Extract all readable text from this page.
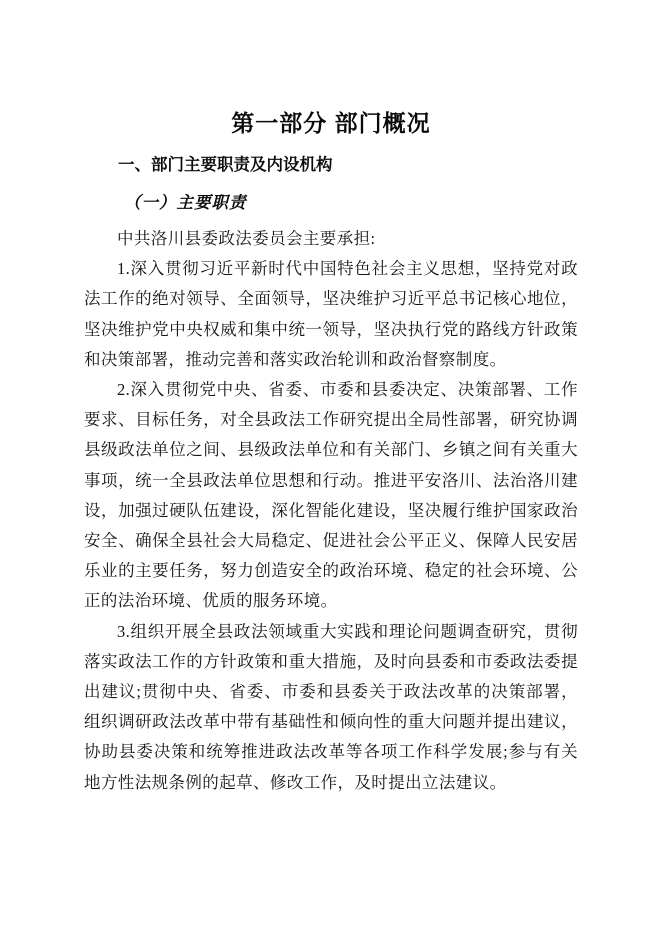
第一部分 部门概况
一、部门主要职责及内设机构
（一）主要职责

中共洛川县委政法委员会主要承担:

1.深入贯彻习近平新时代中国特色社会主义思想，坚持党对政法工作的绝对领导、全面领导，坚决维护习近平总书记核心地位，坚决维护党中央权威和集中统一领导，坚决执行党的路线方针政策和决策部署，推动完善和落实政治轮训和政治督察制度。

2.深入贯彻党中央、省委、市委和县委决定、决策部署、工作要求、目标任务，对全县政法工作研究提出全局性部署，研究协调县级政法单位之间、县级政法单位和有关部门、乡镇之间有关重大事项，统一全县政法单位思想和行动。推进平安洛川、法治洛川建设，加强过硬队伍建设，深化智能化建设，坚决履行维护国家政治安全、确保全县社会大局稳定、促进社会公平正义、保障人民安居乐业的主要任务，努力创造安全的政治环境、稳定的社会环境、公正的法治环境、优质的服务环境。

3.组织开展全县政法领域重大实践和理论问题调查研究，贯彻落实政法工作的方针政策和重大措施，及时向县委和市委政法委提出建议;贯彻中央、省委、市委和县委关于政法改革的决策部署，组织调研政法改革中带有基础性和倾向性的重大问题并提出建议，协助县委决策和统筹推进政法改革等各项工作科学发展;参与有关地方性法规条例的起草、修改工作，及时提出立法建议。
